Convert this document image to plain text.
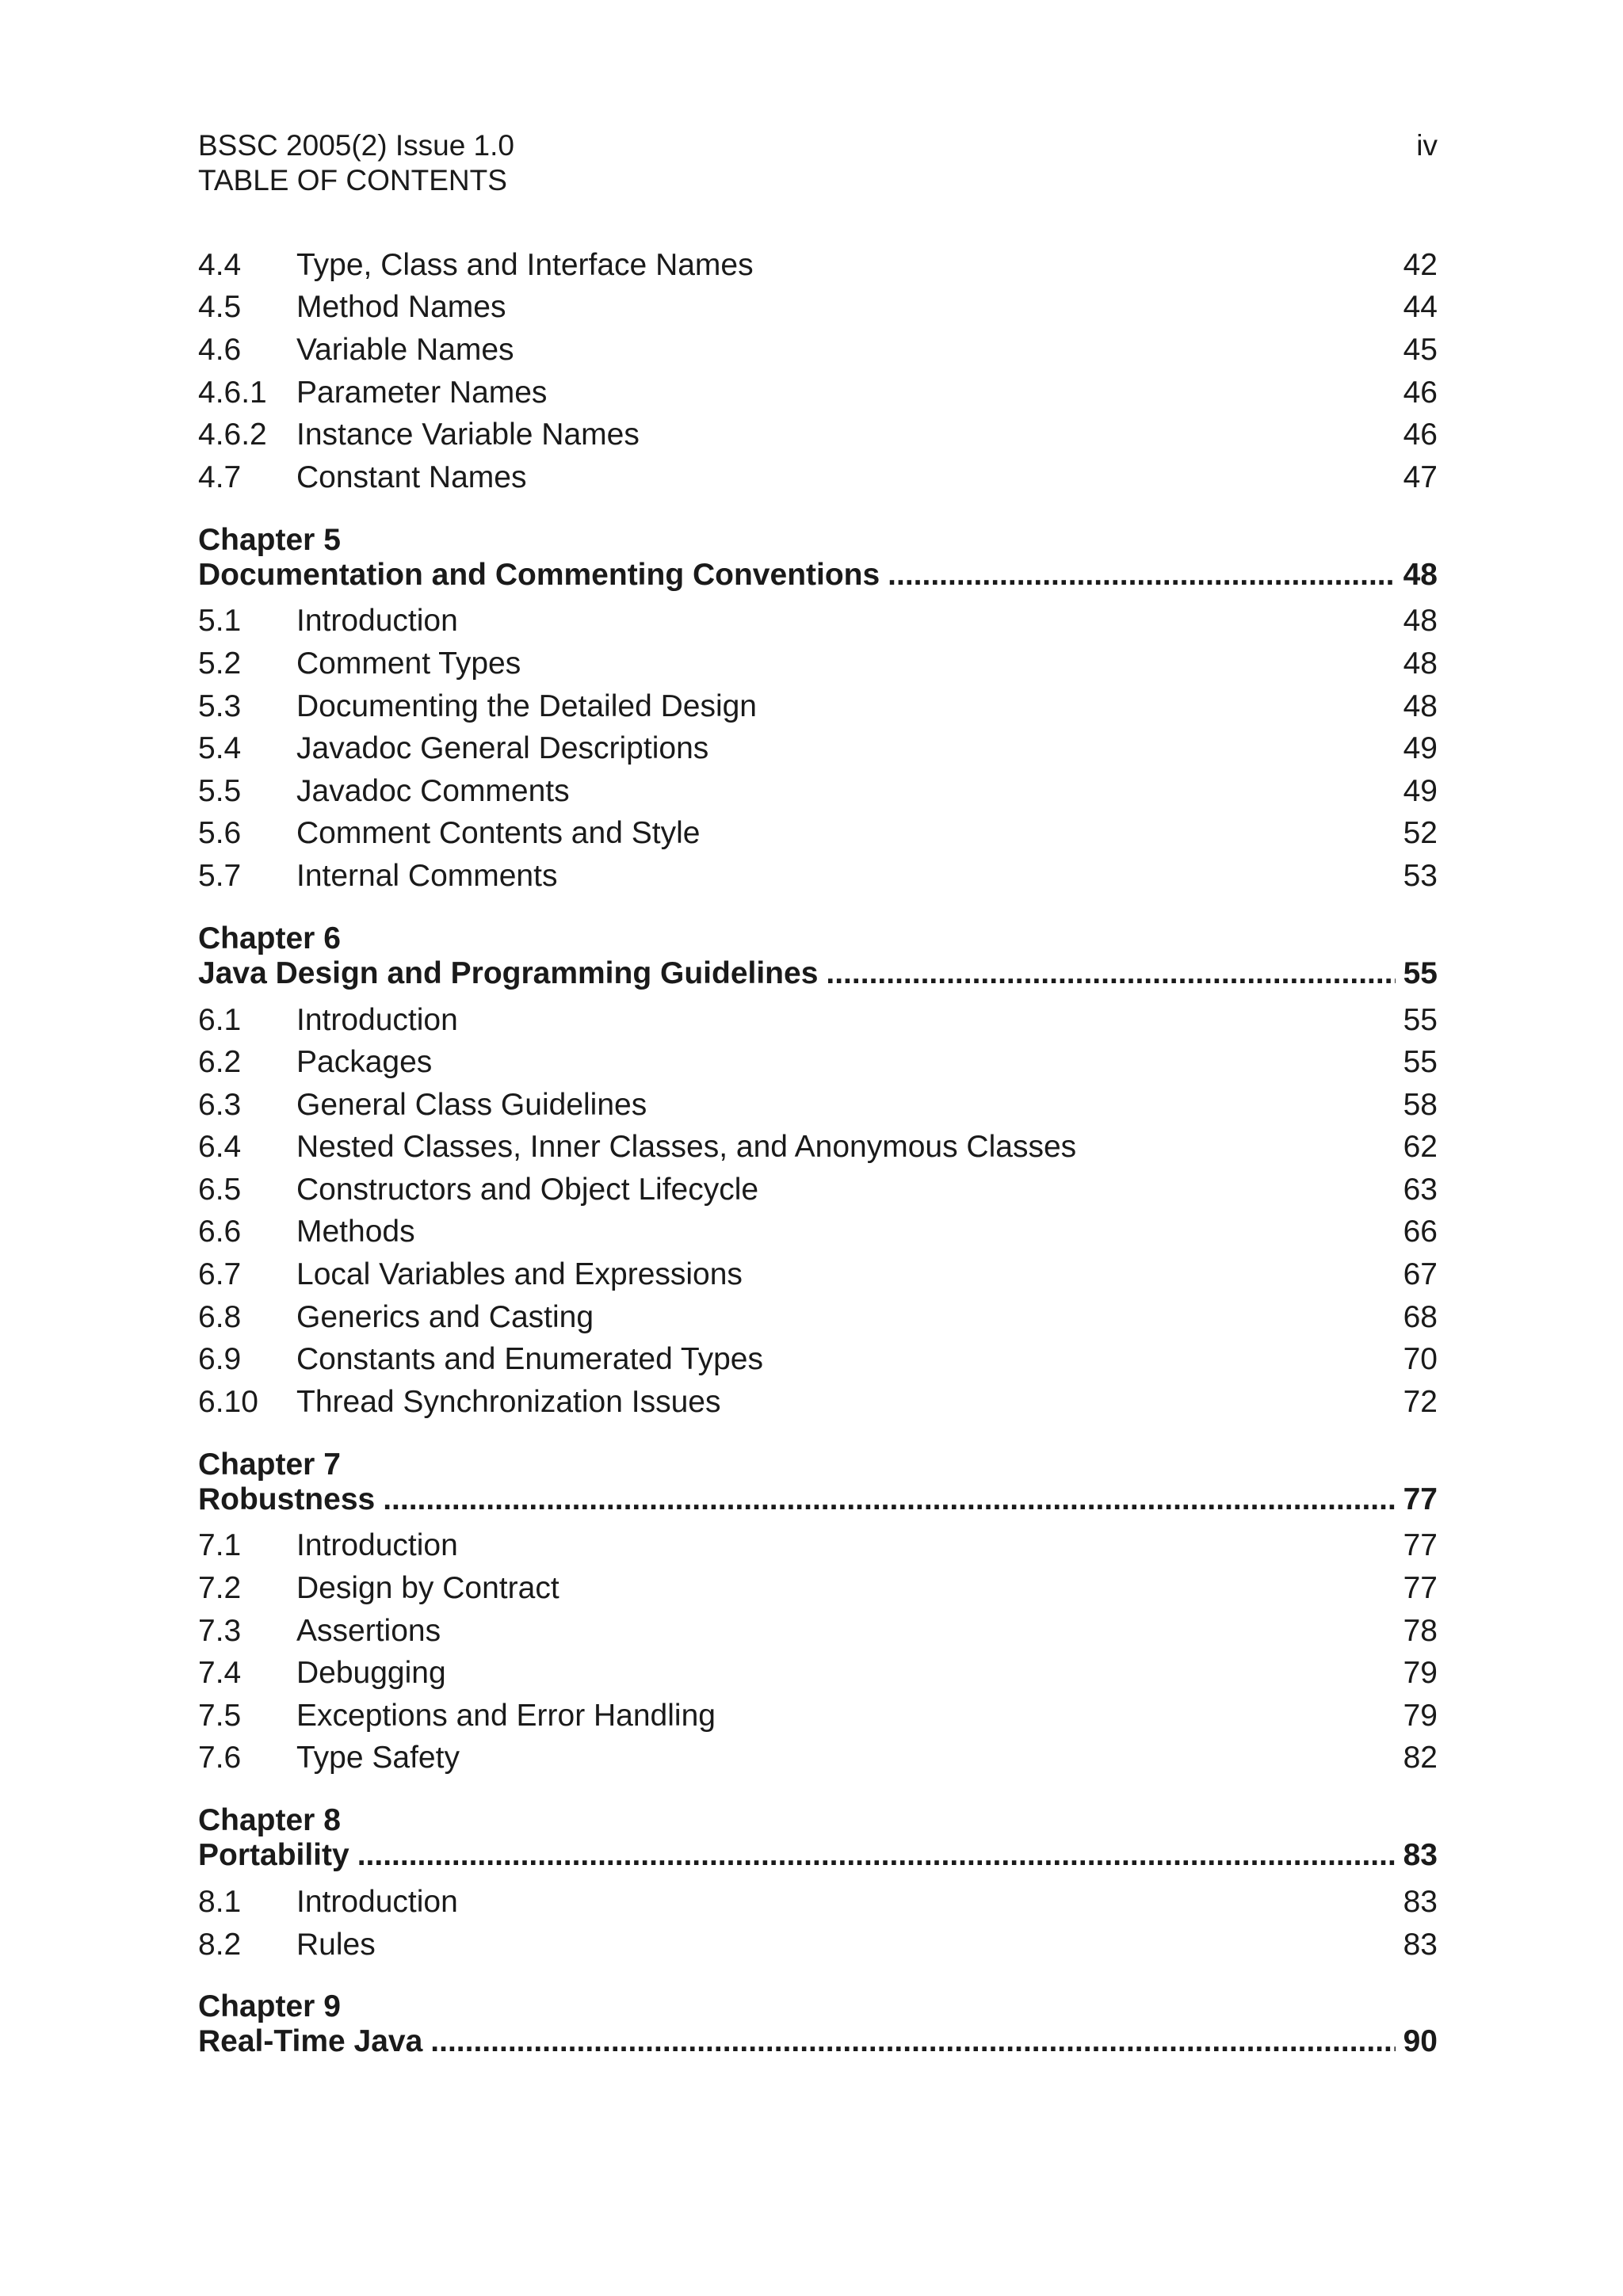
BSSC 2005(2) Issue 1.0
TABLE OF CONTENTS
iv
4.4	Type, Class and Interface Names	42
4.5	Method Names	44
4.6	Variable Names	45
4.6.1 Parameter Names	46
4.6.2 Instance Variable Names	46
4.7	Constant Names	47
Chapter 5
Documentation and Commenting Conventions .....	48
5.1	Introduction	48
5.2	Comment Types	48
5.3	Documenting the Detailed Design	48
5.4	Javadoc General Descriptions	49
5.5	Javadoc Comments	49
5.6	Comment Contents and Style	52
5.7	Internal Comments	53
Chapter 6
Java Design and Programming Guidelines .....	55
6.1	Introduction	55
6.2	Packages	55
6.3	General Class Guidelines	58
6.4	Nested Classes, Inner Classes, and Anonymous Classes	62
6.5	Constructors and Object Lifecycle	63
6.6	Methods	66
6.7	Local Variables and Expressions	67
6.8	Generics and Casting	68
6.9	Constants and Enumerated Types	70
6.10	Thread Synchronization Issues	72
Chapter 7
Robustness .....	77
7.1	Introduction	77
7.2	Design by Contract	77
7.3	Assertions	78
7.4	Debugging	79
7.5	Exceptions and Error Handling	79
7.6	Type Safety	82
Chapter 8
Portability .....	83
8.1	Introduction	83
8.2	Rules	83
Chapter 9
Real-Time Java .....	90
